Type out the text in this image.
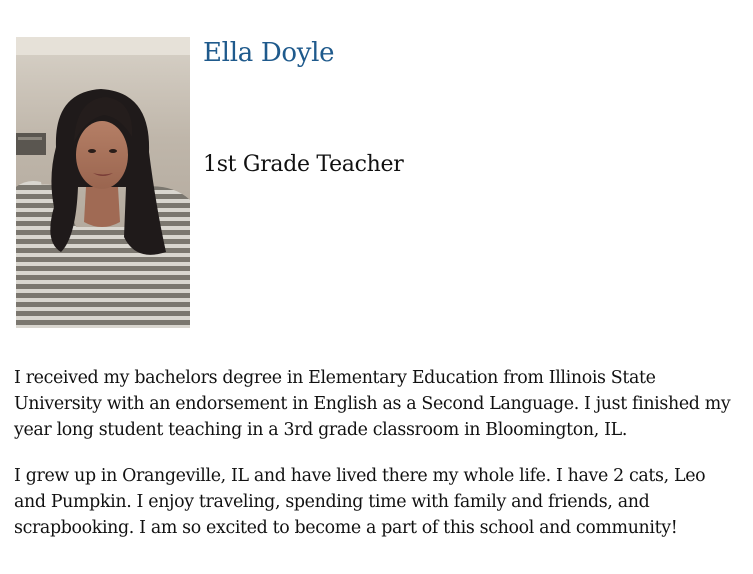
Ella Doyle
1st Grade Teacher

I received my bachelors degree in Elementary Education from Illinois State University with an endorsement in English as a Second Language. I just finished my year long student teaching in a 3rd grade classroom in Bloomington, IL.

I grew up in Orangeville, IL and have lived there my whole life. I have 2 cats, Leo and Pumpkin. I enjoy traveling, spending time with family and friends, and scrapbooking. I am so excited to become a part of this school and community!
